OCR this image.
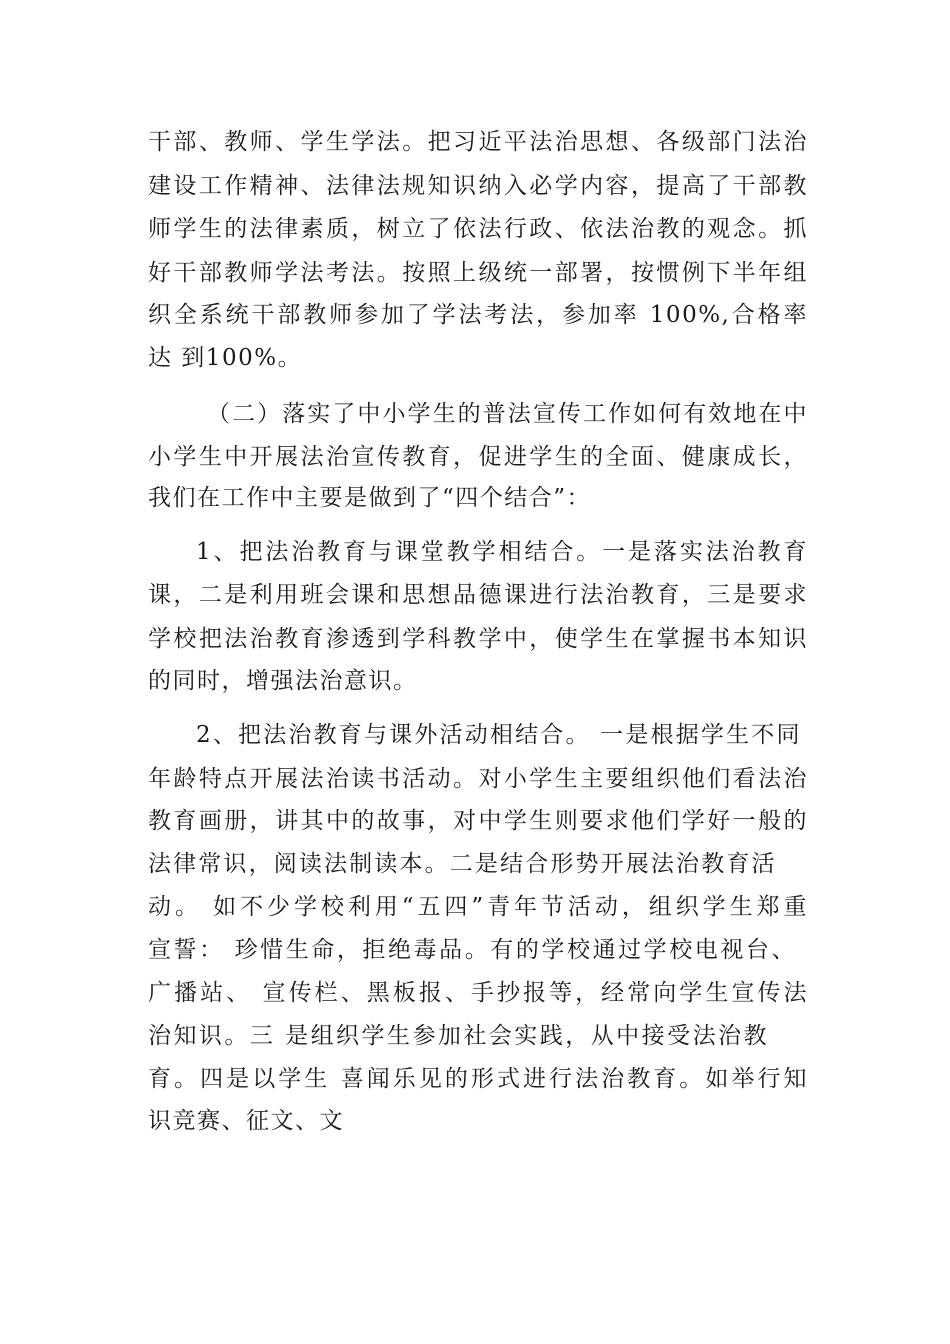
干部、教师、学生学法。把习近平法治思想、各级部门法治
建设工作精神、法律法规知识纳入必学内容，提高了干部教
师学生的法律素质，树立了依法行政、依法治教的观念。抓
好干部教师学法考法。按照上级统一部署，按惯例下半年组
织全系统干部教师参加了学法考法，参加率 100%,合格率
达 到100%。
（二）落实了中小学生的普法宣传工作如何有效地在中
小学生中开展法治宣传教育，促进学生的全面、健康成长，
我们在工作中主要是做到了“四个结合”：
1、把法治教育与课堂教学相结合。一是落实法治教育
课，二是利用班会课和思想品德课进行法治教育，三是要求
学校把法治教育渗透到学科教学中，使学生在掌握书本知识
的同时，增强法治意识。
2、把法治教育与课外活动相结合。 一是根据学生不同
年龄特点开展法治读书活动。对小学生主要组织他们看法治
教育画册，讲其中的故事，对中学生则要求他们学好一般的
法律常识，阅读法制读本。二是结合形势开展法治教育活
动。 如不少学校利用“五四”青年节活动，组织学生郑重
宣誓： 珍惜生命，拒绝毒品。有的学校通过学校电视台、
广播站、 宣传栏、黑板报、手抄报等，经常向学生宣传法
治知识。三 是组织学生参加社会实践，从中接受法治教
育。四是以学生 喜闻乐见的形式进行法治教育。如举行知
识竞赛、征文、文
